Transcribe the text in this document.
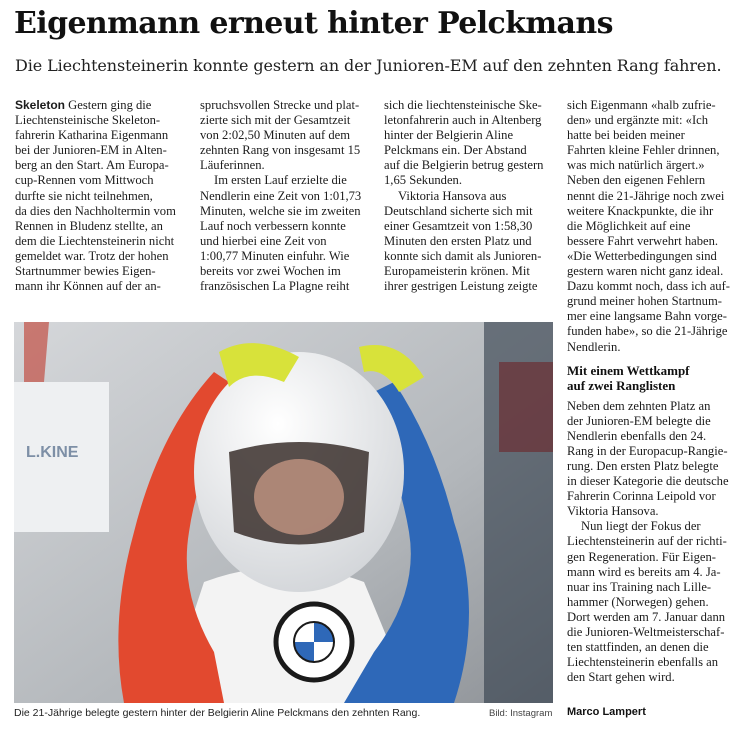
Eigenmann erneut hinter Pelckmans
Die Liechtensteinerin konnte gestern an der Junioren-EM auf den zehnten Rang fahren.

Skeleton Gestern ging die
Liechtensteinische Skeleton-
fahrerin Katharina Eigenmann
bei der Junioren-EM in Alten-
berg an den Start. Am Europa-
cup-Rennen vom Mittwoch
durfte sie nicht teilnehmen,
da dies den Nachholtermin vom
Rennen in Bludenz stellte, an
dem die Liechtensteinerin nicht
gemeldet war. Trotz der hohen
Startnummer bewies Eigen-
mann ihr Können auf der an-

spruchsvollen Strecke und plat-
zierte sich mit der Gesamtzeit
von 2:02,50 Minuten auf dem
zehnten Rang von insgesamt 15
Läuferinnen.

Im ersten Lauf erzielte die
Nendlerin eine Zeit von 1:01,73
Minuten, welche sie im zweiten
Lauf noch verbessern konnte
und hierbei eine Zeit von
1:00,77 Minuten einfuhr. Wie
bereits vor zwei Wochen im
französischen La Plagne reiht

sich die liechtensteinische Ske-
letonfahrerin auch in Altenberg
hinter der Belgierin Aline
Pelckmans ein. Der Abstand
auf die Belgierin betrug gestern
1,65 Sekunden.

Viktoria Hansova aus
Deutschland sicherte sich mit
einer Gesamtzeit von 1:58,30
Minuten den ersten Platz und
konnte sich damit als Junioren-
Europameisterin krönen. Mit
ihrer gestrigen Leistung zeigte

sich Eigenmann «halb zufrie-
den» und ergänzte mit: «Ich
hatte bei beiden meiner
Fahrten kleine Fehler drinnen,
was mich natürlich ärgert.»
Neben den eigenen Fehlern
nennt die 21-Jährige noch zwei
weitere Knackpunkte, die ihr
die Möglichkeit auf eine
bessere Fahrt verwehrt haben.
«Die Wetterbedingungen sind
gestern waren nicht ganz ideal.
Dazu kommt noch, dass ich auf-
grund meiner hohen Startnum-
mer eine langsame Bahn vorge-
funden habe», so die 21-Jährige
Nendlerin.

Mit einem Wettkampf
auf zwei Ranglisten

Neben dem zehnten Platz an
der Junioren-EM belegte die
Nendlerin ebenfalls den 24.
Rang in der Europacup-Rangie-
rung. Den ersten Platz belegte
in dieser Kategorie die deutsche
Fahrerin Corinna Leipold vor
Viktoria Hansova.

Nun liegt der Fokus der
Liechtensteinerin auf der richti-
gen Regeneration. Für Eigen-
mann wird es bereits am 4. Ja-
nuar ins Training nach Lille-
hammer (Norwegen) gehen.
Dort werden am 7. Januar dann
die Junioren-Weltmeisterschaf-
ten stattfinden, an denen die
Liechtensteinerin ebenfalls an
den Start gehen wird.

L.KINE
BMW
Die 21-Jährige belegte gestern hinter der Belgierin Aline Pelckmans den zehnten Rang.	Bild: Instagram Marco Lampert
